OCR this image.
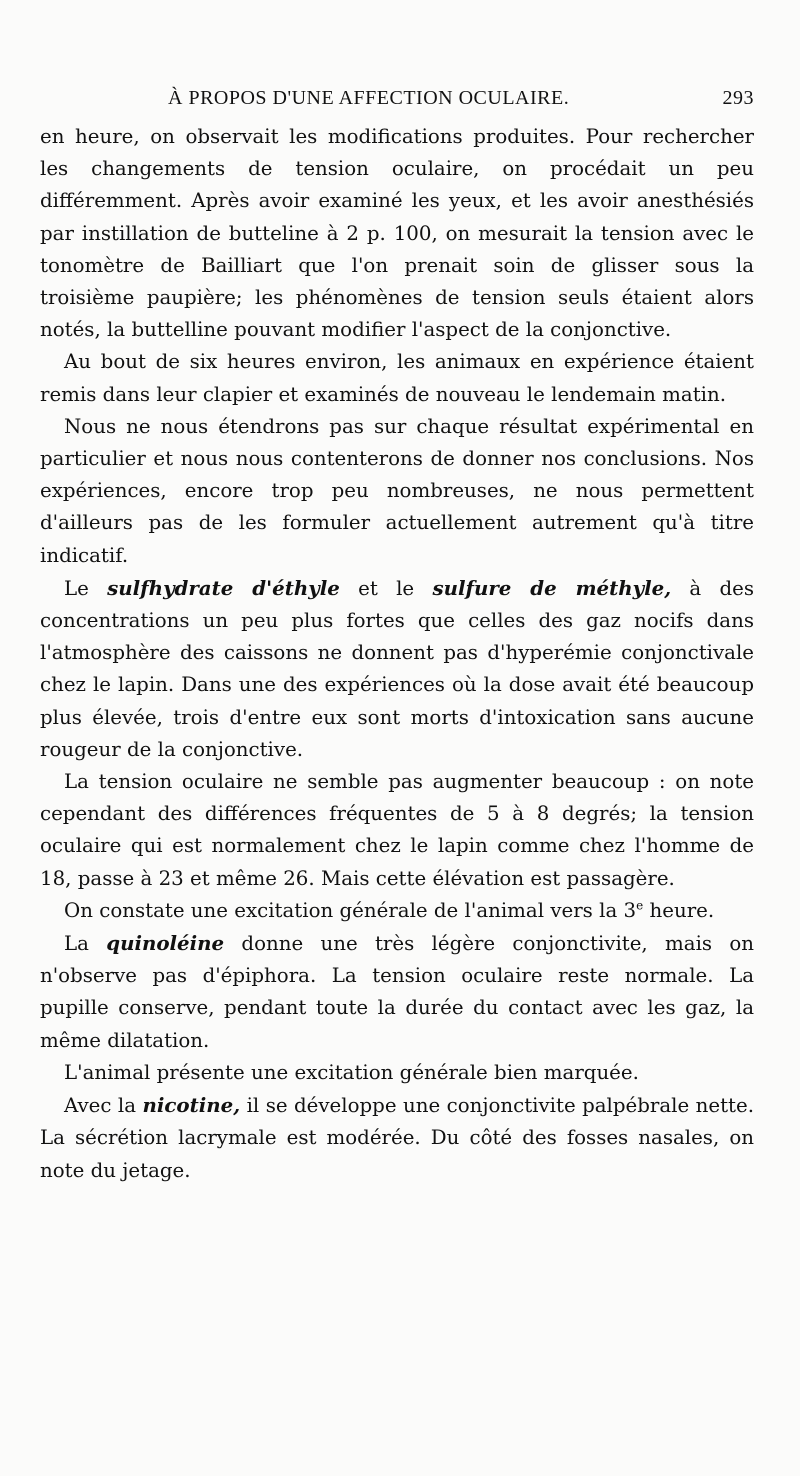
À PROPOS D'UNE AFFECTION OCULAIRE.	293

en heure, on observait les modifications produites. Pour rechercher les changements de tension oculaire, on procédait un peu différemment. Après avoir examiné les yeux, et les avoir anesthésiés par instillation de butteline à 2 p. 100, on mesurait la tension avec le tonomètre de Bailliart que l'on prenait soin de glisser sous la troisième paupière; les phénomènes de tension seuls étaient alors notés, la buttelline pouvant modifier l'aspect de la conjonctive.

Au bout de six heures environ, les animaux en expérience étaient remis dans leur clapier et examinés de nouveau le lendemain matin.

Nous ne nous étendrons pas sur chaque résultat expérimental en particulier et nous nous contenterons de donner nos conclusions. Nos expériences, encore trop peu nombreuses, ne nous permettent d'ailleurs pas de les formuler actuellement autrement qu'à titre indicatif.

Le sulfhydrate d'éthyle et le sulfure de méthyle, à des concentrations un peu plus fortes que celles des gaz nocifs dans l'atmosphère des caissons ne donnent pas d'hyperémie conjonctivale chez le lapin. Dans une des expériences où la dose avait été beaucoup plus élevée, trois d'entre eux sont morts d'intoxication sans aucune rougeur de la conjonctive.

La tension oculaire ne semble pas augmenter beaucoup : on note cependant des différences fréquentes de 5 à 8 degrés; la tension oculaire qui est normalement chez le lapin comme chez l'homme de 18, passe à 23 et même 26. Mais cette élévation est passagère.

On constate une excitation générale de l'animal vers la 3e heure.

La quinoléine donne une très légère conjonctivite, mais on n'observe pas d'épiphora. La tension oculaire reste normale. La pupille conserve, pendant toute la durée du contact avec les gaz, la même dilatation.

L'animal présente une excitation générale bien marquée.

Avec la nicotine, il se développe une conjonctivite palpébrale nette. La sécrétion lacrymale est modérée. Du côté des fosses nasales, on note du jetage.
